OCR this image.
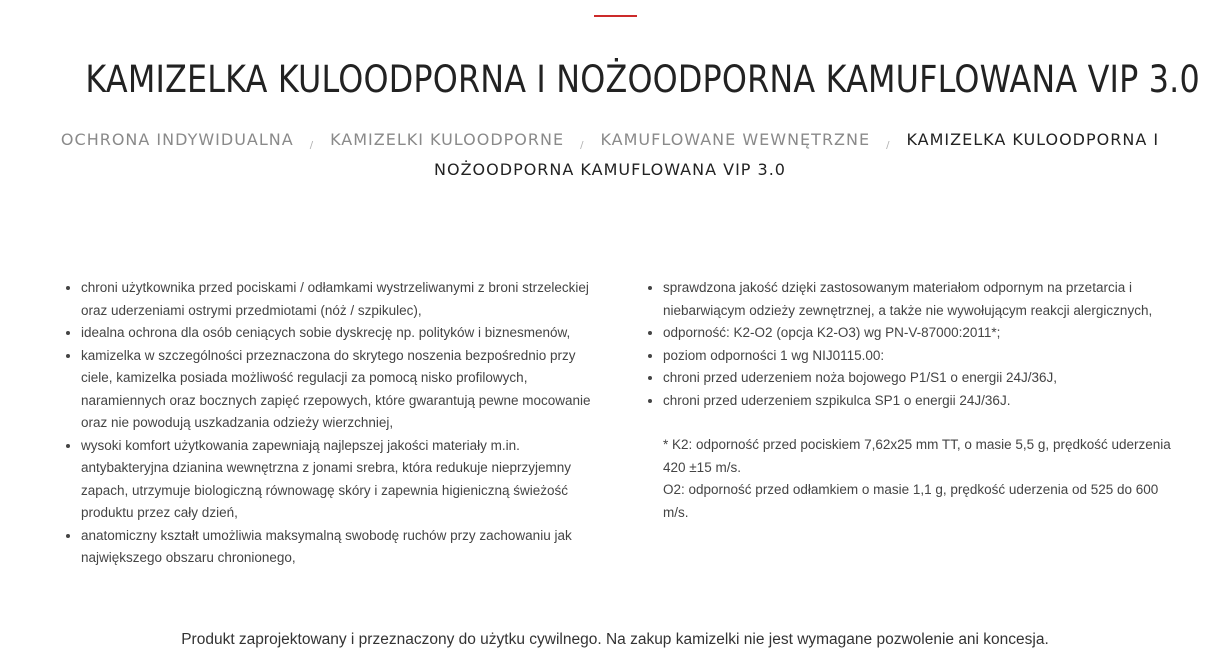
KAMIZELKA KULOODPORNA I NOŻOODPORNA KAMUFLOWANA VIP 3.0
OCHRONA INDYWIDUALNA / KAMIZELKI KULOODPORNE / KAMUFLOWANE WEWNĘTRZNE / KAMIZELKA KULOODPORNA I NOŻOODPORNA KAMUFLOWANA VIP 3.0
• chroni użytkownika przed pociskami / odłamkami wystrzeliwanymi z broni strzeleckiej oraz uderzeniami ostrymi przedmiotami (nóż / szpikulec),
• idealna ochrona dla osób ceniących sobie dyskrecję np. polityków i biznesmenów,
• kamizelka w szczególności przeznaczona do skrytego noszenia bezpośrednio przy ciele, kamizelka posiada możliwość regulacji za pomocą nisko profilowych, naramiennych oraz bocznych zapięć rzepowych, które gwarantują pewne mocowanie oraz nie powodują uszkadzania odzieży wierzchniej,
• wysoki komfort użytkowania zapewniają najlepszej jakości materiały m.in. antybakteryjna dzianina wewnętrzna z jonami srebra, która redukuje nieprzyjemny zapach, utrzymuje biologiczną równowagę skóry i zapewnia higieniczną świeżość produktu przez cały dzień,
• anatomiczny kształt umożliwia maksymalną swobodę ruchów przy zachowaniu jak największego obszaru chronionego,
• sprawdzona jakość dzięki zastosowanym materiałom odpornym na przetarcia i niebarwiącym odzieży zewnętrznej, a także nie wywołującym reakcji alergicznych,
• odporność: K2-O2 (opcja K2-O3) wg PN-V-87000:2011*;
• poziom odporności 1 wg NIJ0115.00:
• chroni przed uderzeniem noża bojowego P1/S1 o energii 24J/36J,
• chroni przed uderzeniem szpikulca SP1 o energii 24J/36J.

* K2: odporność przed pociskiem 7,62x25 mm TT, o masie 5,5 g, prędkość uderzenia 420 ±15 m/s.

O2: odporność przed odłamkiem o masie 1,1 g, prędkość uderzenia od 525 do 600 m/s.

Produkt zaprojektowany i przeznaczony do użytku cywilnego. Na zakup kamizelki nie jest wymagane pozwolenie ani koncesja.
